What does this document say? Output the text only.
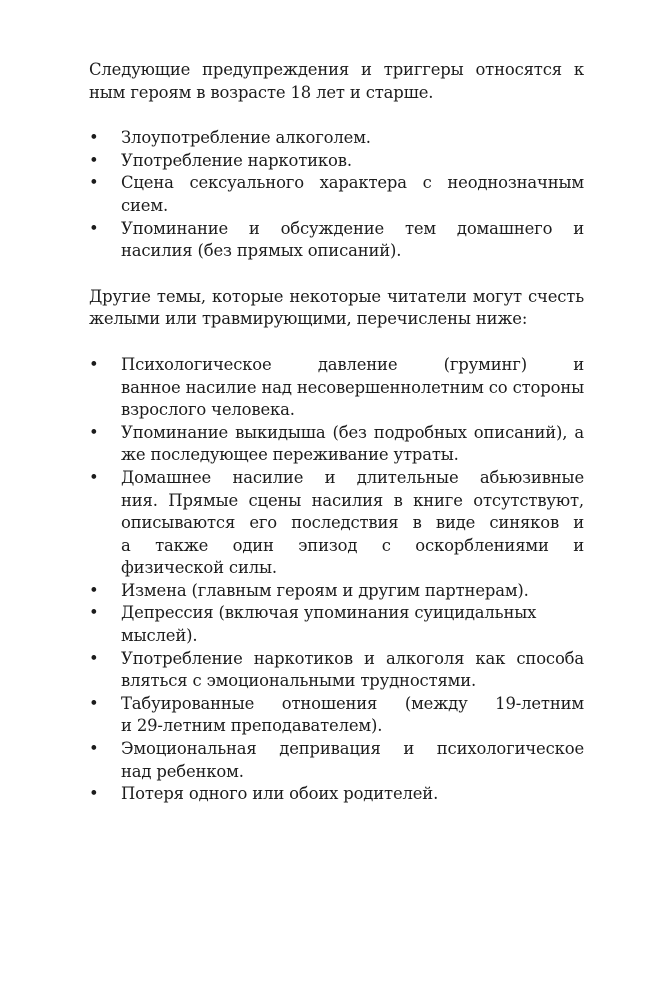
Следующие предупреждения и триггеры относятся к
ным героям в возрасте 18 лет и старше.

• Злоупотребление алкоголем.
• Употребление наркотиков.
• Сцена сексуального характера с неоднозначным
сием.
• Упоминание и обсуждение тем домашнего и
насилия (без прямых описаний).

Другие темы, которые некоторые читатели могут счесть
желыми или травмирующими, перечислены ниже:

• Психологическое давление (груминг) и
ванное насилие над несовершеннолетним со стороны
взрослого человека.
• Упоминание выкидыша (без подробных описаний), а
же последующее переживание утраты.
• Домашнее насилие и длительные абьюзивные
ния. Прямые сцены насилия в книге отсутствуют,
описываются его последствия в виде синяков и
а также один эпизод с оскорблениями и
физической силы.
• Измена (главным героям и другим партнерам).
• Депрессия (включая упоминания суицидальных мыслей).
• Употребление наркотиков и алкоголя как способа
вляться с эмоциональными трудностями.
• Табуированные отношения (между 19-летним
и 29-летним преподавателем).
• Эмоциональная депривация и психологическое
над ребенком.
• Потеря одного или обоих родителей.
